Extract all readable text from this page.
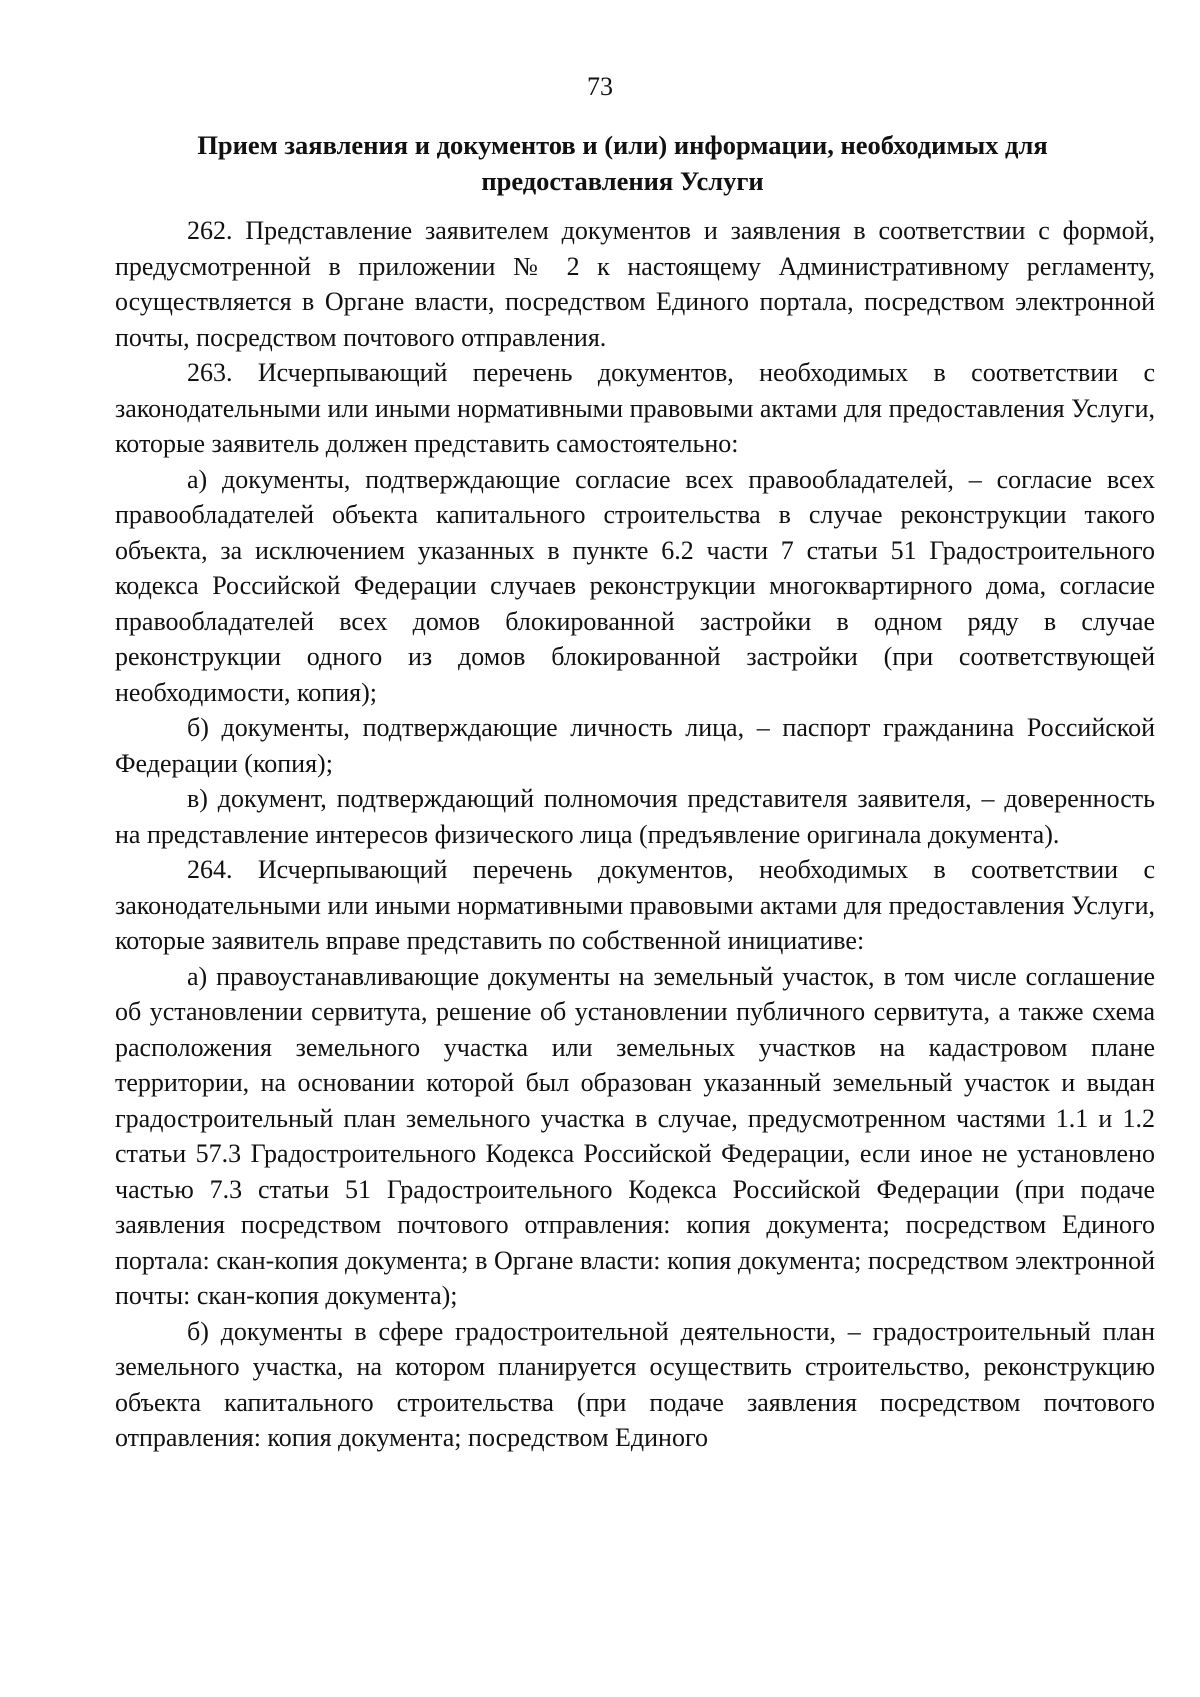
73
Прием заявления и документов и (или) информации, необходимых для предоставления Услуги

262. Представление заявителем документов и заявления в соответствии с формой, предусмотренной в приложении № 2 к настоящему Административному регламенту, осуществляется в Органе власти, посредством Единого портала, посредством электронной почты, посредством почтового отправления.

263. Исчерпывающий перечень документов, необходимых в соответствии с законодательными или иными нормативными правовыми актами для предоставления Услуги, которые заявитель должен представить самостоятельно:

а) документы, подтверждающие согласие всех правообладателей, – согласие всех правообладателей объекта капитального строительства в случае реконструкции такого объекта, за исключением указанных в пункте 6.2 части 7 статьи 51 Градостроительного кодекса Российской Федерации случаев реконструкции многоквартирного дома, согласие правообладателей всех домов блокированной застройки в одном ряду в случае реконструкции одного из домов блокированной застройки (при соответствующей необходимости, копия);

б) документы, подтверждающие личность лица, – паспорт гражданина Российской Федерации (копия);

в) документ, подтверждающий полномочия представителя заявителя, – доверенность на представление интересов физического лица (предъявление оригинала документа).

264. Исчерпывающий перечень документов, необходимых в соответствии с законодательными или иными нормативными правовыми актами для предоставления Услуги, которые заявитель вправе представить по собственной инициативе:

а) правоустанавливающие документы на земельный участок, в том числе соглашение об установлении сервитута, решение об установлении публичного сервитута, а также схема расположения земельного участка или земельных участков на кадастровом плане территории, на основании которой был образован указанный земельный участок и выдан градостроительный план земельного участка в случае, предусмотренном частями 1.1 и 1.2 статьи 57.3 Градостроительного Кодекса Российской Федерации, если иное не установлено частью 7.3 статьи 51 Градостроительного Кодекса Российской Федерации (при подаче заявления посредством почтового отправления: копия документа; посредством Единого портала: скан-копия документа; в Органе власти: копия документа; посредством электронной почты: скан-копия документа);

б) документы в сфере градостроительной деятельности, – градостроительный план земельного участка, на котором планируется осуществить строительство, реконструкцию объекта капитального строительства (при подаче заявления посредством почтового отправления: копия документа; посредством Единого
